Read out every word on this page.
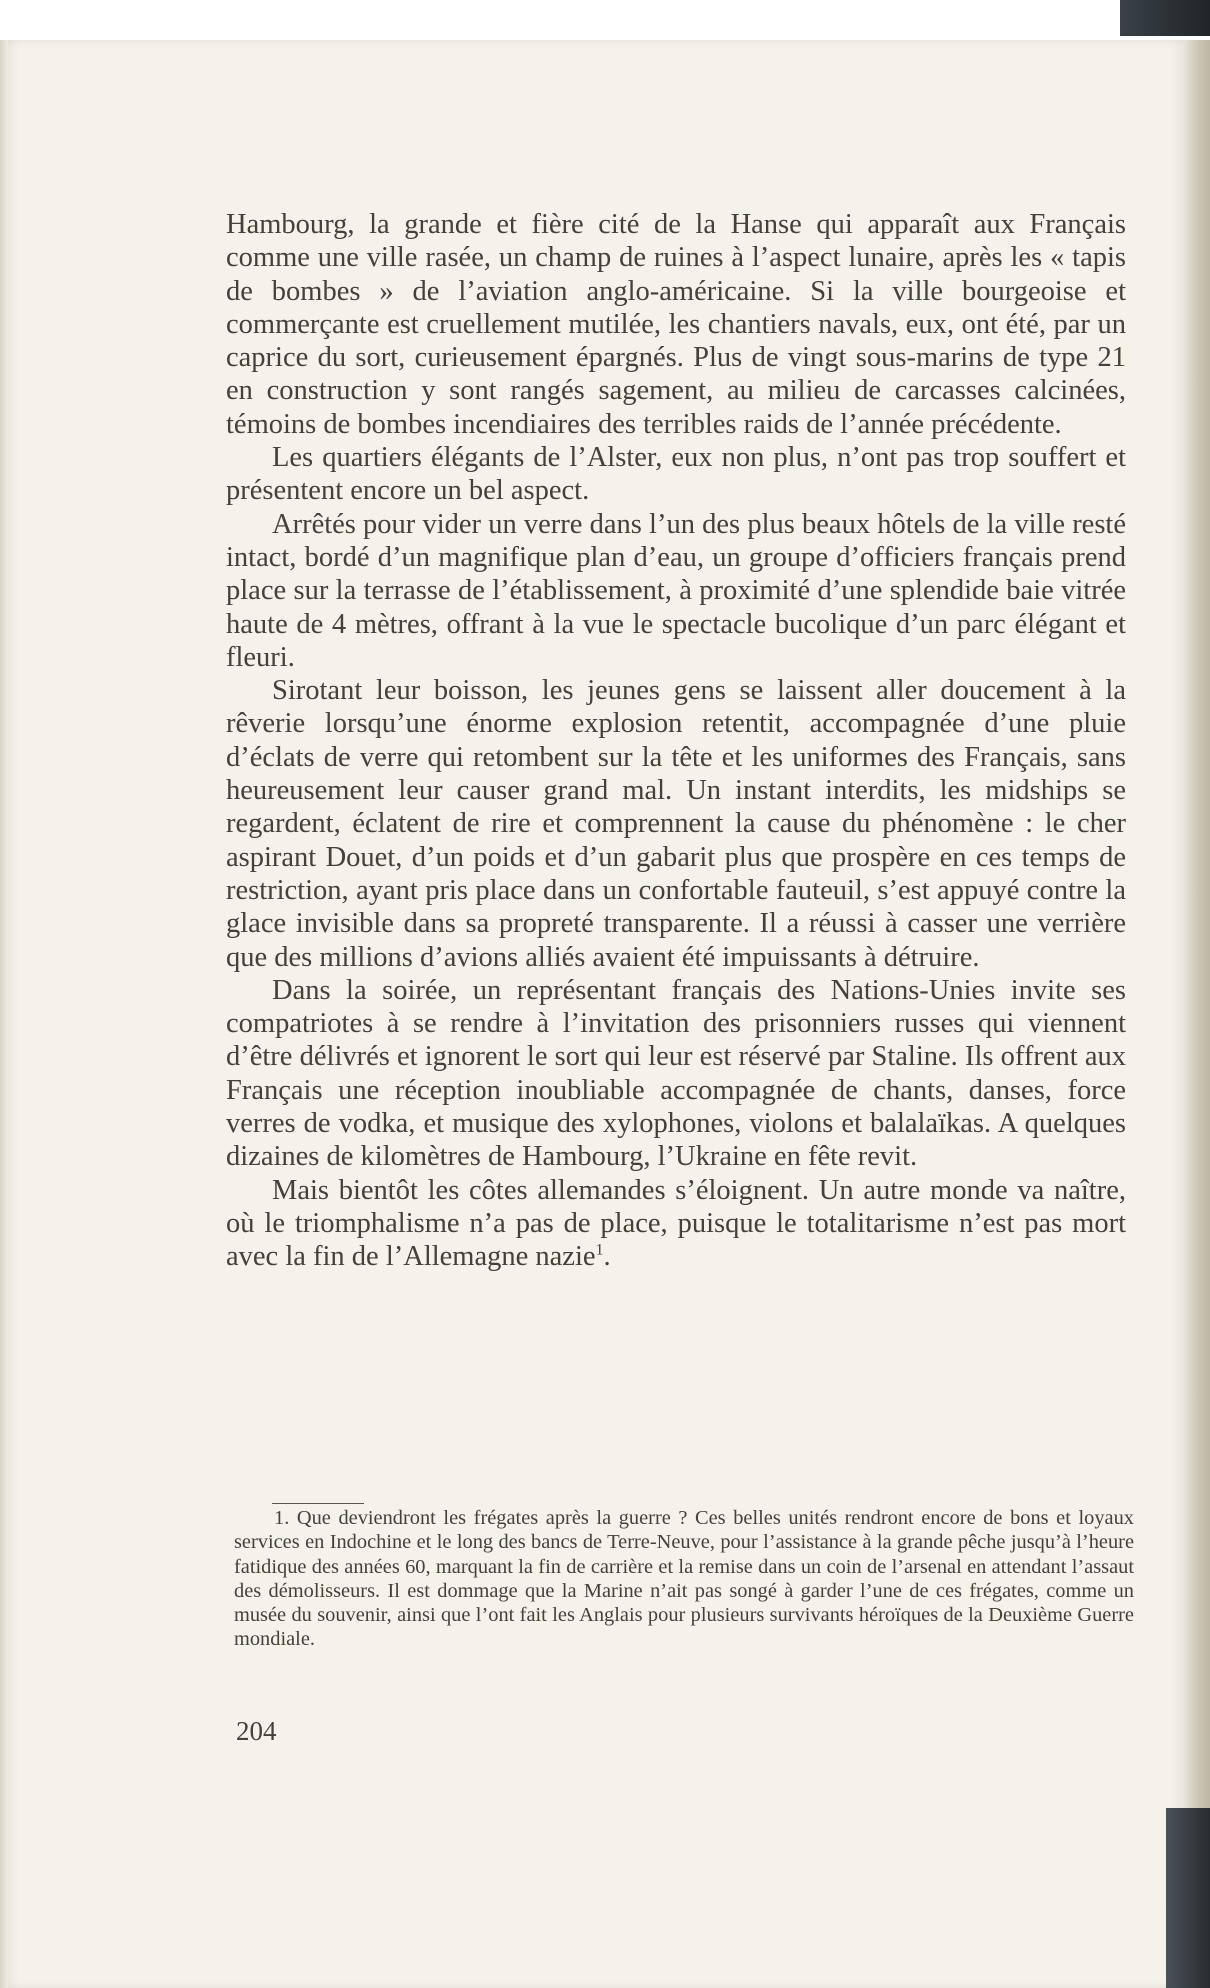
Hambourg, la grande et fière cité de la Hanse qui apparaît aux Français comme une ville rasée, un champ de ruines à l’aspect lunaire, après les « tapis de bombes » de l’aviation anglo-américaine. Si la ville bourgeoise et commerçante est cruellement mutilée, les chantiers navals, eux, ont été, par un caprice du sort, curieusement épargnés. Plus de vingt sous-marins de type 21 en construction y sont rangés sagement, au milieu de carcasses calcinées, témoins de bombes incendiaires des terribles raids de l’année précédente.

Les quartiers élégants de l’Alster, eux non plus, n’ont pas trop souffert et présentent encore un bel aspect.

Arrêtés pour vider un verre dans l’un des plus beaux hôtels de la ville resté intact, bordé d’un magnifique plan d’eau, un groupe d’officiers français prend place sur la terrasse de l’établissement, à proximité d’une splendide baie vitrée haute de 4 mètres, offrant à la vue le spectacle bucolique d’un parc élégant et fleuri.

Sirotant leur boisson, les jeunes gens se laissent aller doucement à la rêverie lorsqu’une énorme explosion retentit, accompagnée d’une pluie d’éclats de verre qui retombent sur la tête et les uniformes des Français, sans heureusement leur causer grand mal. Un instant interdits, les midships se regardent, éclatent de rire et comprennent la cause du phénomène : le cher aspirant Douet, d’un poids et d’un gabarit plus que prospère en ces temps de restriction, ayant pris place dans un confortable fauteuil, s’est appuyé contre la glace invisible dans sa propreté transparente. Il a réussi à casser une verrière que des millions d’avions alliés avaient été impuissants à détruire.

Dans la soirée, un représentant français des Nations-Unies invite ses compatriotes à se rendre à l’invitation des prisonniers russes qui viennent d’être délivrés et ignorent le sort qui leur est réservé par Staline. Ils offrent aux Français une réception inoubliable accompagnée de chants, danses, force verres de vodka, et musique des xylophones, violons et balalaïkas. A quelques dizaines de kilomètres de Hambourg, l’Ukraine en fête revit.

Mais bientôt les côtes allemandes s’éloignent. Un autre monde va naître, où le triomphalisme n’a pas de place, puisque le totalitarisme n’est pas mort avec la fin de l’Allemagne nazie$^1$.

1. Que deviendront les frégates après la guerre ? Ces belles unités rendront encore de bons et loyaux services en Indochine et le long des bancs de Terre-Neuve, pour l’assistance à la grande pêche jusqu’à l’heure fatidique des années 60, marquant la fin de carrière et la remise dans un coin de l’arsenal en attendant l’assaut des démolisseurs. Il est dommage que la Marine n’ait pas songé à garder l’une de ces frégates, comme un musée du souvenir, ainsi que l’ont fait les Anglais pour plusieurs survivants héroïques de la Deuxième Guerre mondiale.

204
